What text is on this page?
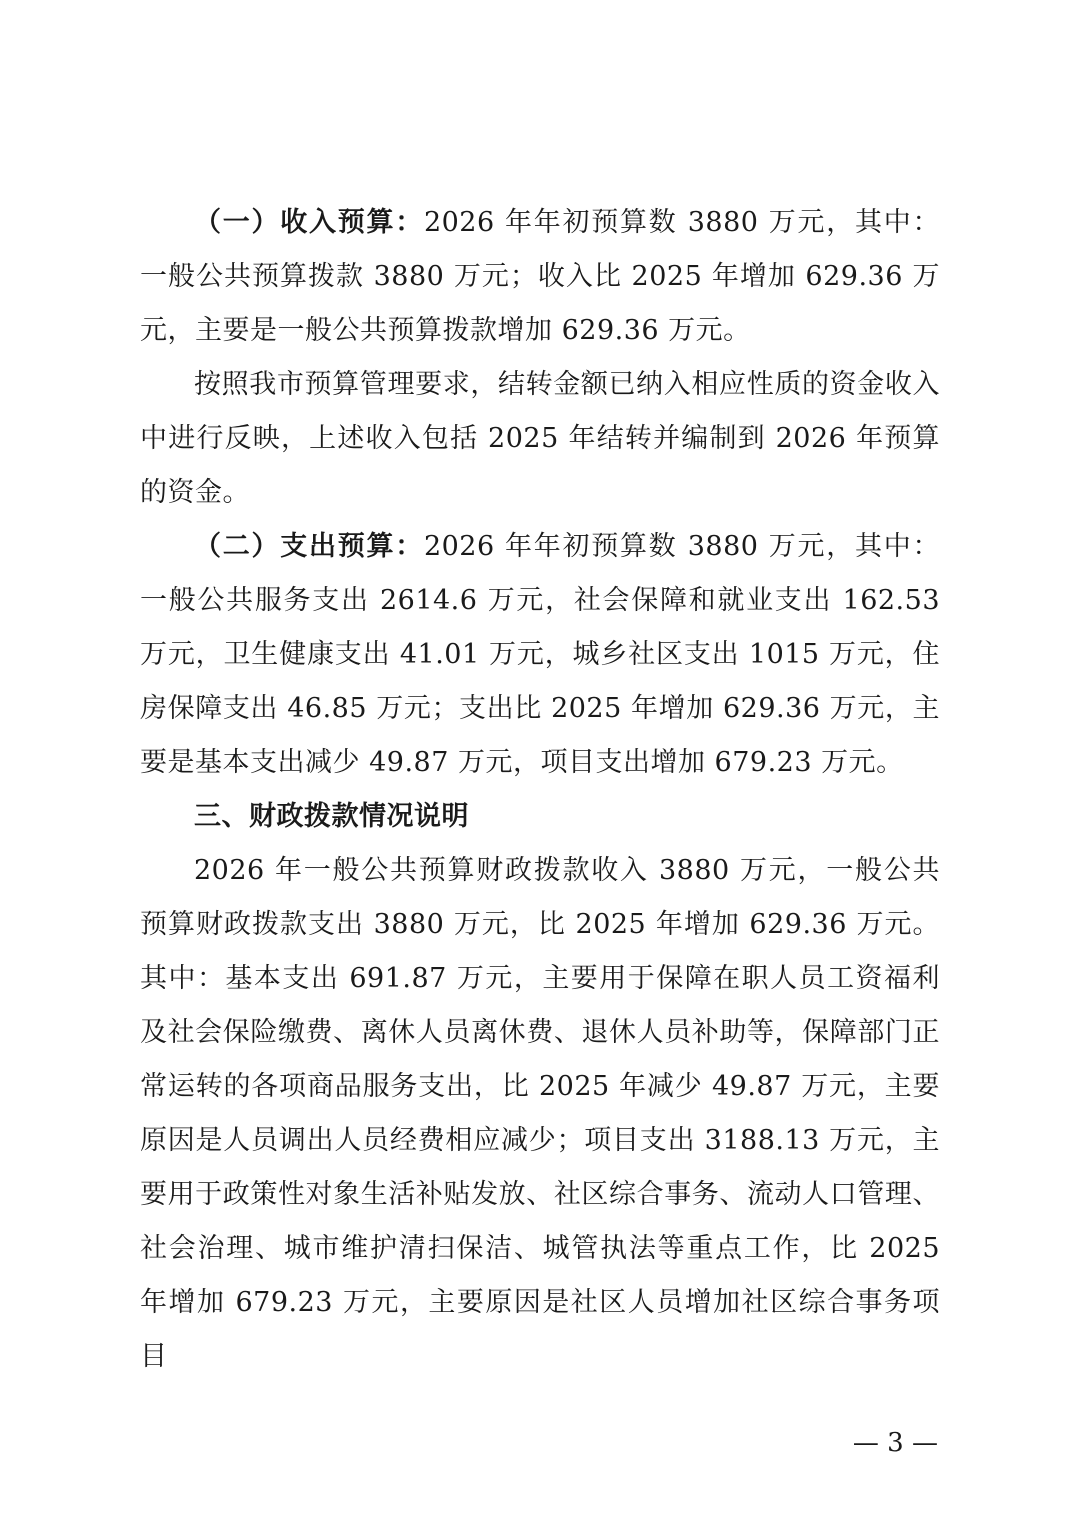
（一）收入预算：2026 年年初预算数 3880 万元，其中：一般公共预算拨款 3880 万元；收入比 2025 年增加 629.36 万元，主要是一般公共预算拨款增加 629.36 万元。

按照我市预算管理要求，结转金额已纳入相应性质的资金收入中进行反映，上述收入包括 2025 年结转并编制到 2026 年预算的资金。

（二）支出预算：2026 年年初预算数 3880 万元，其中：一般公共服务支出 2614.6 万元，社会保障和就业支出 162.53 万元，卫生健康支出 41.01 万元，城乡社区支出 1015 万元，住房保障支出 46.85 万元；支出比 2025 年增加 629.36 万元，主要是基本支出减少 49.87 万元，项目支出增加 679.23 万元。

三、财政拨款情况说明

2026 年一般公共预算财政拨款收入 3880 万元，一般公共预算财政拨款支出 3880 万元，比 2025 年增加 629.36 万元。其中：基本支出 691.87 万元，主要用于保障在职人员工资福利及社会保险缴费、离休人员离休费、退休人员补助等，保障部门正常运转的各项商品服务支出，比 2025 年减少 49.87 万元，主要原因是人员调出人员经费相应减少；项目支出 3188.13 万元，主要用于政策性对象生活补贴发放、社区综合事务、流动人口管理、社会治理、城市维护清扫保洁、城管执法等重点工作，比 2025 年增加 679.23 万元，主要原因是社区人员增加社区综合事务项目

— 3 —
